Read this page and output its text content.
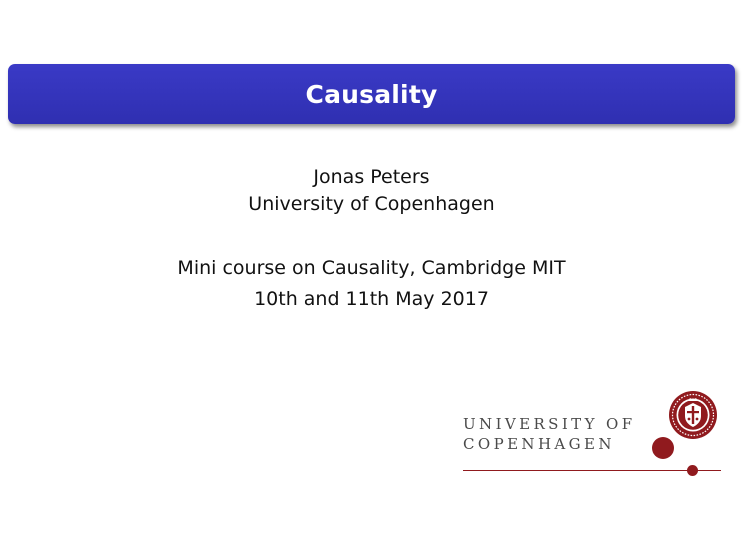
Causality
Jonas Peters
University of Copenhagen
Mini course on Causality, Cambridge MIT
10th and 11th May 2017
UNIVERSITY OF
COPENHAGEN
